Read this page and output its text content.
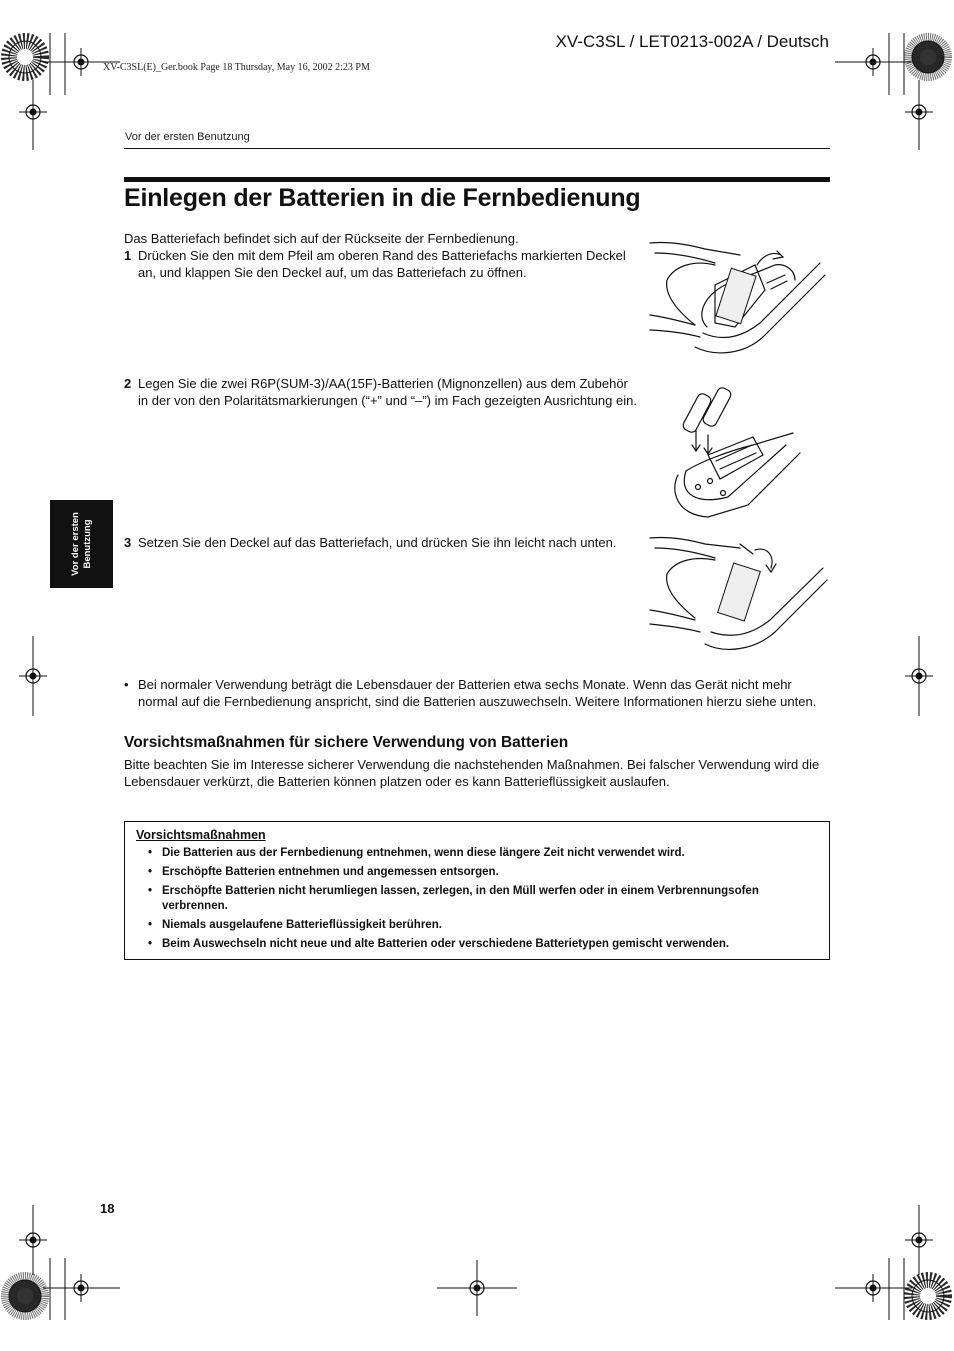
XV-C3SL(E)_Ger.book Page 18 Thursday, May 16, 2002 2:23 PM
XV-C3SL / LET0213-002A / Deutsch
Vor der ersten Benutzung
Einlegen der Batterien in die Fernbedienung
Das Batteriefach befindet sich auf der Rückseite der Fernbedienung.
1 Drücken Sie den mit dem Pfeil am oberen Rand des Batteriefachs markierten Deckel an, und klappen Sie den Deckel auf, um das Batteriefach zu öffnen.
2 Legen Sie die zwei R6P(SUM-3)/AA(15F)-Batterien (Mignonzellen) aus dem Zubehör in der von den Polaritätsmarkierungen (“+” und “–”) im Fach gezeigten Ausrichtung ein.
3 Setzen Sie den Deckel auf das Batteriefach, und drücken Sie ihn leicht nach unten.
Vor der ersten Benutzung
• Bei normaler Verwendung beträgt die Lebensdauer der Batterien etwa sechs Monate. Wenn das Gerät nicht mehr normal auf die Fernbedienung anspricht, sind die Batterien auszuwechseln. Weitere Informationen hierzu siehe unten.
Vorsichtsmaßnahmen für sichere Verwendung von Batterien
Bitte beachten Sie im Interesse sicherer Verwendung die nachstehenden Maßnahmen. Bei falscher Verwendung wird die Lebensdauer verkürzt, die Batterien können platzen oder es kann Batterieflüssigkeit auslaufen.
Vorsichtsmaßnahmen
• Die Batterien aus der Fernbedienung entnehmen, wenn diese längere Zeit nicht verwendet wird.
• Erschöpfte Batterien entnehmen und angemessen entsorgen.
• Erschöpfte Batterien nicht herumliegen lassen, zerlegen, in den Müll werfen oder in einem Verbrennungsofen verbrennen.
• Niemals ausgelaufene Batterieflüssigkeit berühren.
• Beim Auswechseln nicht neue und alte Batterien oder verschiedene Batterietypen gemischt verwenden.
18
